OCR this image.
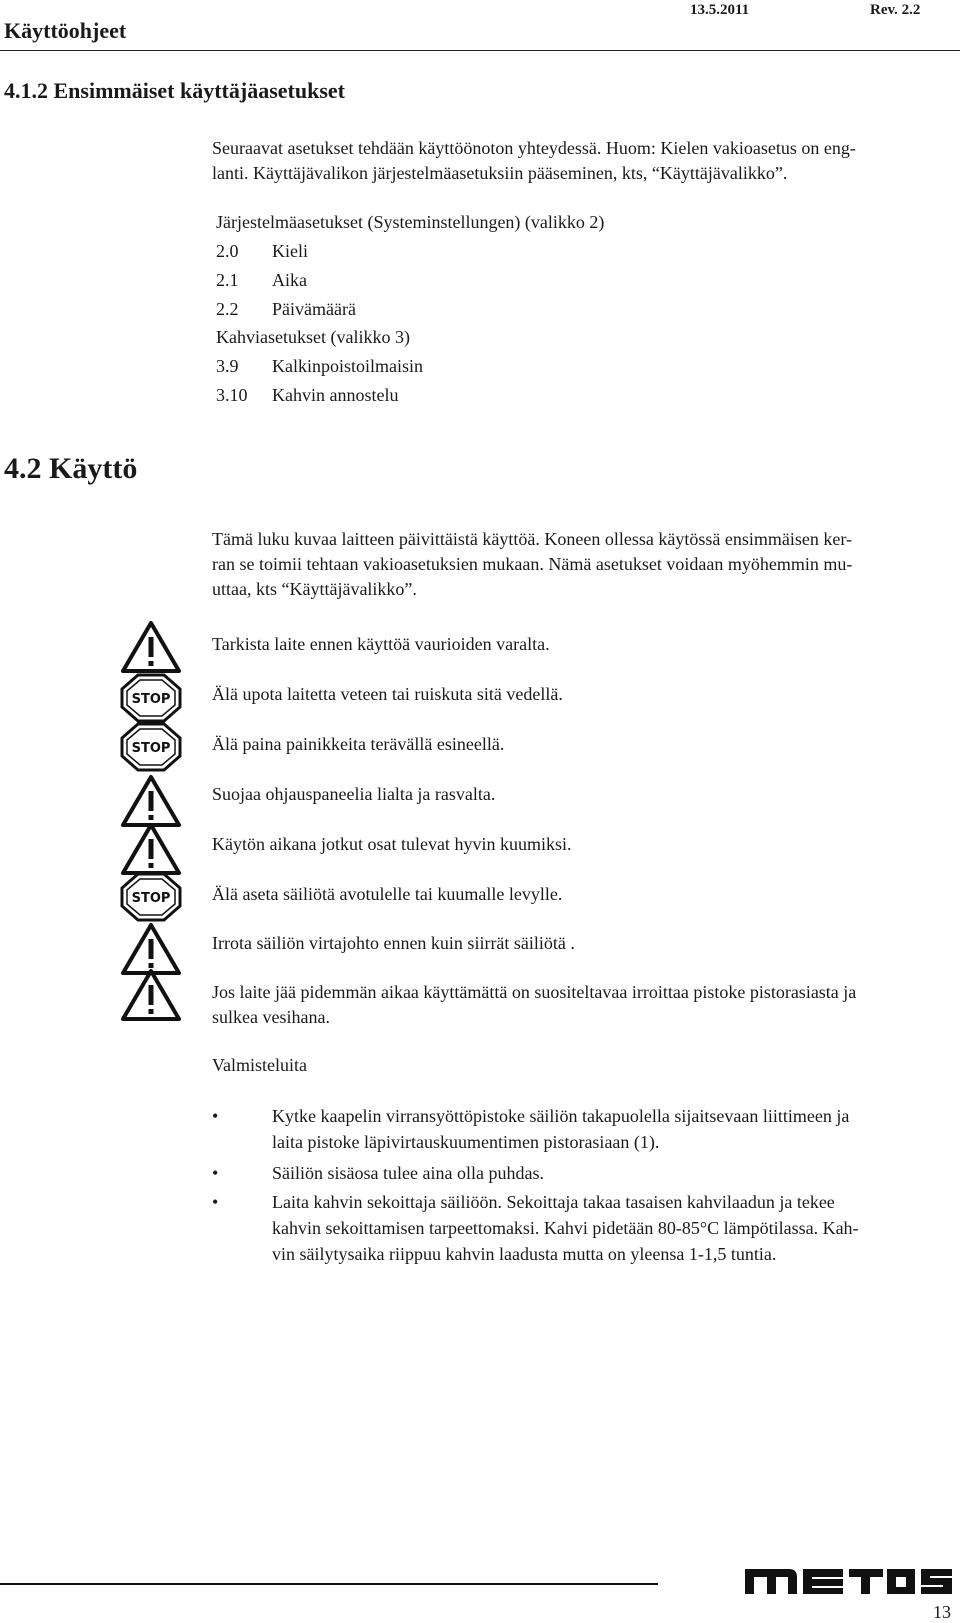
Käyttöohjeet
13.5.2011	Rev. 2.2
4.1.2 Ensimmäiset käyttäjäasetukset
Seuraavat asetukset tehdään käyttöönoton yhteydessä. Huom: Kielen vakioasetus on eng-
lanti. Käyttäjävalikon järjestelmäasetuksiin pääseminen, kts, “Käyttäjävalikko”.
Järjestelmäasetukset (Systeminstellungen) (valikko 2)
2.0 Kieli
2.1 Aika
2.2 Päivämäärä
Kahviasetukset (valikko 3)
3.9 Kalkinpoistoilmaisin
3.10 Kahvin annostelu
4.2 Käyttö
Tämä luku kuvaa laitteen päivittäistä käyttöä. Koneen ollessa käytössä ensimmäisen ker-
ran se toimii tehtaan vakioasetuksien mukaan. Nämä asetukset voidaan myöhemmin mu-
uttaa, kts “Käyttäjävalikko”.
STOP
STOP
STOP
Tarkista laite ennen käyttöä vaurioiden varalta.
Älä upota laitetta veteen tai ruiskuta sitä vedellä.
Älä paina painikkeita terävällä esineellä.
Suojaa ohjauspaneelia lialta ja rasvalta.
Käytön aikana jotkut osat tulevat hyvin kuumiksi.
Älä aseta säiliötä avotulelle tai kuumalle levylle.
Irrota säiliön virtajohto ennen kuin siirrät säiliötä .
Jos laite jää pidemmän aikaa käyttämättä on suositeltavaa irroittaa pistoke pistorasiasta ja
sulkea vesihana.
Valmisteluita
•	Kytke kaapelin virransyöttöpistoke säiliön takapuolella sijaitsevaan liittimeen ja
laita pistoke läpivirtauskuumentimen pistorasiaan (1).
•	Säiliön sisäosa tulee aina olla puhdas.
•	Laita kahvin sekoittaja säiliöön. Sekoittaja takaa tasaisen kahvilaadun ja tekee
kahvin sekoittamisen tarpeettomaksi. Kahvi pidetään 80-85°C lämpötilassa. Kah-
vin säilytysaika riippuu kahvin laadusta mutta on yleensa 1-1,5 tuntia.
13
